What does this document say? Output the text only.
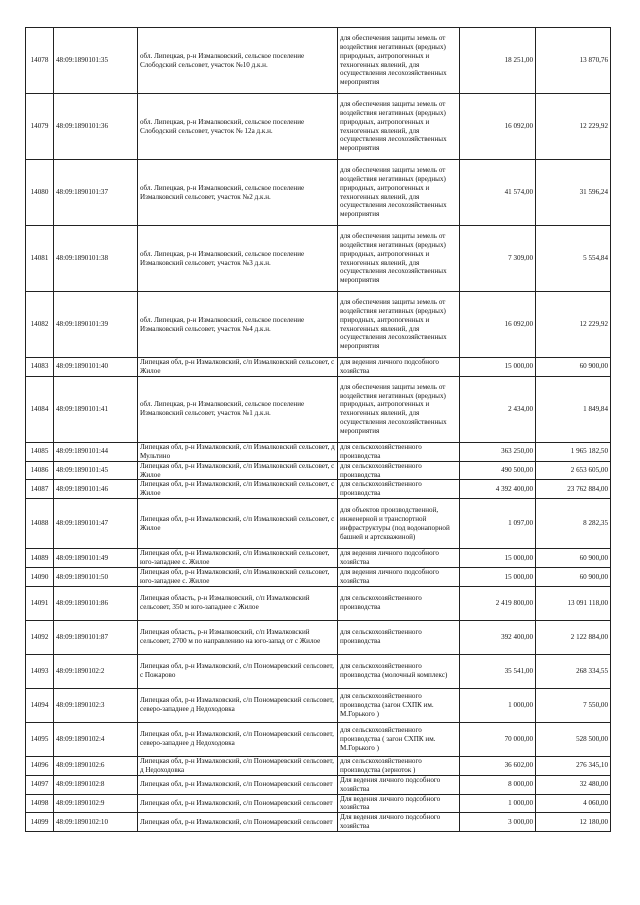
14078	48:09:1890101:35	обл. Липецкая, р-н Измалковский, сельское поселение Слободский сельсовет, участок №10 д.к.н.	для обеспечения защиты земель от воздействия негативных (вредных) природных, антропогенных и техногенных явлений, для осуществления лесохозяйственных мероприятия	18 251,00	13 870,76
14079	48:09:1890101:36	обл. Липецкая, р-н Измалковский, сельское поселение Слободский сельсовет, участок № 12а д.к.н.	для обеспечения защиты земель от воздействия негативных (вредных) природных, антропогенных и техногенных явлений, для осуществления лесохозяйственных мероприятия	16 092,00	12 229,92
14080	48:09:1890101:37	обл. Липецкая, р-н Измалковский, сельское поселение Измалковский сельсовет, участок №2 д.к.н.	для обеспечения защиты земель от воздействия негативных (вредных) природных, антропогенных и техногенных явлений, для осуществления лесохозяйственных мероприятия	41 574,00	31 596,24
14081	48:09:1890101:38	обл. Липецкая, р-н Измалковский, сельское поселение Измалковский сельсовет, участок №3 д.к.н.	для обеспечения защиты земель от воздействия негативных (вредных) природных, антропогенных и техногенных явлений, для осуществления лесохозяйственных мероприятия	7 309,00	5 554,84
14082	48:09:1890101:39	обл. Липецкая, р-н Измалковский, сельское поселение Измалковский сельсовет, участок №4 д.к.н.	для обеспечения защиты земель от воздействия негативных (вредных) природных, антропогенных и техногенных явлений, для осуществления лесохозяйственных мероприятия	16 092,00	12 229,92
14083	48:09:1890101:40	Липецкая обл, р-н Измалковский, с/п Измалковский сельсовет, с Жилое	для ведения личного подсобного хозяйства	15 000,00	60 900,00
14084	48:09:1890101:41	обл. Липецкая, р-н Измалковский, сельское поселение Измалковский сельсовет, участок №1 д.к.н.	для обеспечения защиты земель от воздействия негативных (вредных) природных, антропогенных и техногенных явлений, для осуществления лесохозяйственных мероприятия	2 434,00	1 849,84
14085	48:09:1890101:44	Липецкая обл, р-н Измалковский, с/п Измалковский сельсовет, д Мультино	для сельскохозяйственного производства	363 250,00	1 965 182,50
14086	48:09:1890101:45	Липецкая обл, р-н Измалковский, с/п Измалковский сельсовет, с Жилое	для сельскохозяйственного производства	490 500,00	2 653 605,00
14087	48:09:1890101:46	Липецкая обл, р-н Измалковский, с/п Измалковский сельсовет, с Жилое	для сельскохозяйственного производства	4 392 400,00	23 762 884,00
14088	48:09:1890101:47	Липецкая обл, р-н Измалковский, с/п Измалковский сельсовет, с Жилое	для объектов производственной, инженерной и транспортной инфраструктуры (под водонапорной башней и артскважиной)	1 097,00	8 282,35
14089	48:09:1890101:49	Липецкая обл, р-н Измалковский, с/п Измалковский сельсовет, юго-западнее с. Жилое	для ведения личного подсобного хозяйства	15 000,00	60 900,00
14090	48:09:1890101:50	Липецкая обл, р-н Измалковский, с/п Измалковский сельсовет, юго-западнее с. Жилое	для ведения личного подсобного хозяйства	15 000,00	60 900,00
14091	48:09:1890101:86	Липецкая область, р-н Измалковский, с/п Измалковский сельсовет, 350 м юго-западнее с Жилое	для сельскохозяйственного производства	2 419 800,00	13 091 118,00
14092	48:09:1890101:87	Липецкая область, р-н Измалковский, с/п Измалковский сельсовет, 2700 м по направлению на юго-запад от с Жилое	для сельскохозяйственного производства	392 400,00	2 122 884,00
14093	48:09:1890102:2	Липецкая обл, р-н Измалковский, с/п Пономаревский сельсовет, с Пожарово	для сельскохозяйственного производства (молочный комплекс)	35 541,00	268 334,55
14094	48:09:1890102:3	Липецкая обл, р-н Измалковский, с/п Пономаревский сельсовет, северо-западнее д Недоходовка	для сельскохозяйственного производства (загон СХПК им. М.Горького )	1 000,00	7 550,00
14095	48:09:1890102:4	Липецкая обл, р-н Измалковский, с/п Пономаревский сельсовет, северо-западнее д Недоходовка	для сельскохозяйственного производства ( загон СХПК им. М.Горького )	70 000,00	528 500,00
14096	48:09:1890102:6	Липецкая обл, р-н Измалковский, с/п Пономаревский сельсовет, д Недоходовка	для сельскохозяйственного производства (зерноток )	36 602,00	276 345,10
14097	48:09:1890102:8	Липецкая обл, р-н Измалковский, с/п Пономаревский сельсовет	Для ведения личного подсобного хозяйства	8 000,00	32 480,00
14098	48:09:1890102:9	Липецкая обл, р-н Измалковский, с/п Пономаревский сельсовет	Для ведения личного подсобного хозяйства	1 000,00	4 060,00
14099	48:09:1890102:10	Липецкая обл, р-н Измалковский, с/п Пономаревский сельсовет	Для ведения личного подсобного хозяйства	3 000,00	12 180,00
